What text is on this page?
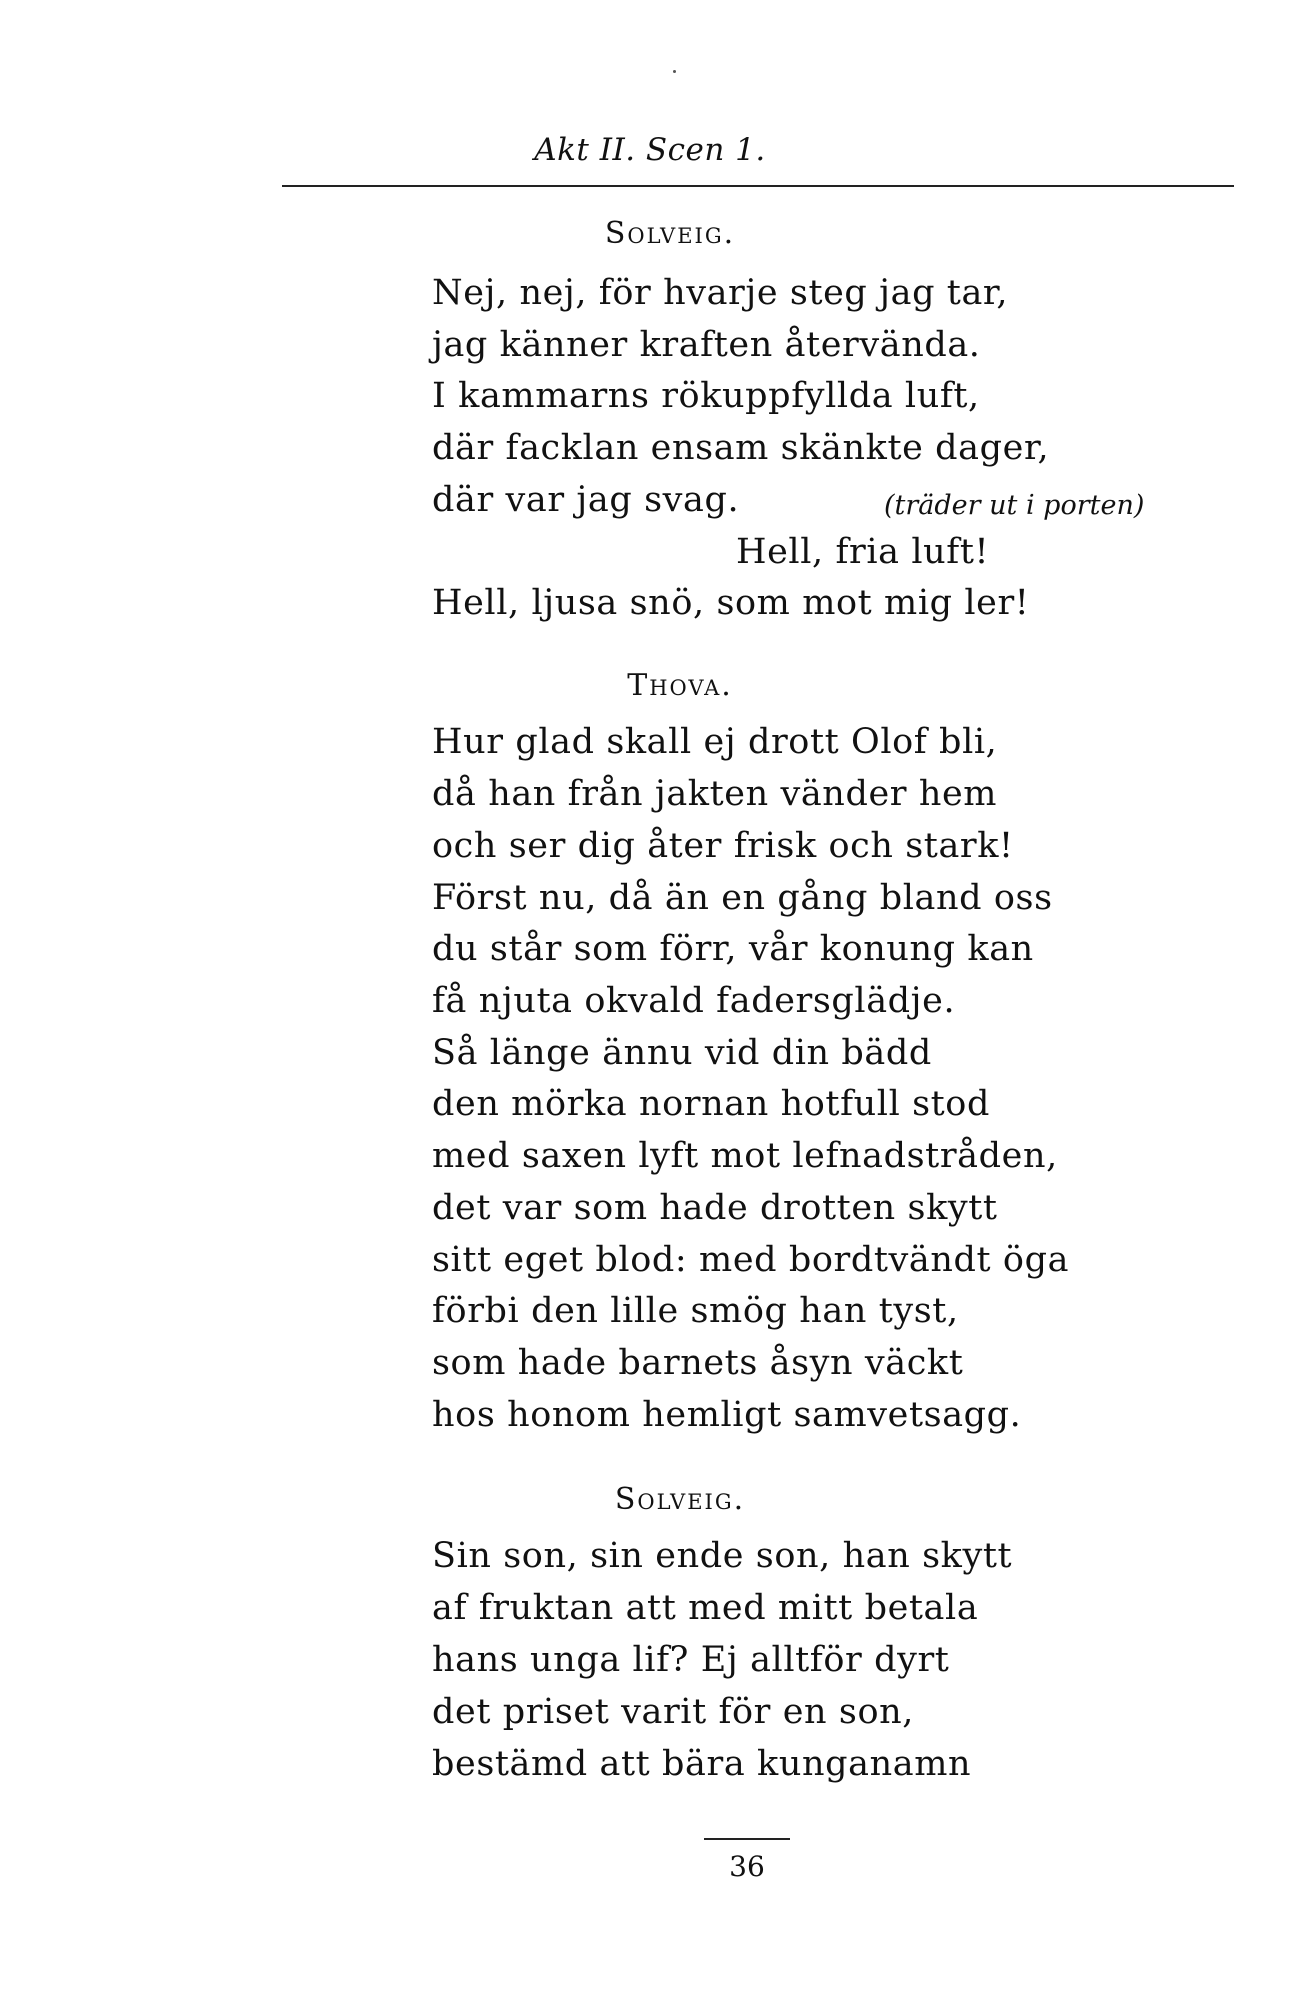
Akt II. Scen 1.
Solveig.
Nej, nej, för hvarje steg jag tar,
jag känner kraften återvända.
I kammarns rökuppfyllda luft,
där facklan ensam skänkte dager,
där var jag svag.	(träder ut i porten)
Hell, fria luft!
Hell, ljusa snö, som mot mig ler!
Thova.
Hur glad skall ej drott Olof bli,
då han från jakten vänder hem
och ser dig åter frisk och stark!
Först nu, då än en gång bland oss
du står som förr, vår konung kan
få njuta okvald fadersglädje.
Så länge ännu vid din bädd
den mörka nornan hotfull stod
med saxen lyft mot lefnadstråden,
det var som hade drotten skytt
sitt eget blod: med bordtvändt öga
förbi den lille smög han tyst,
som hade barnets åsyn väckt
hos honom hemligt samvetsagg.
Solveig.
Sin son, sin ende son, han skytt
af fruktan att med mitt betala
hans unga lif? Ej alltför dyrt
det priset varit för en son,
bestämd att bära kunganamn
36
